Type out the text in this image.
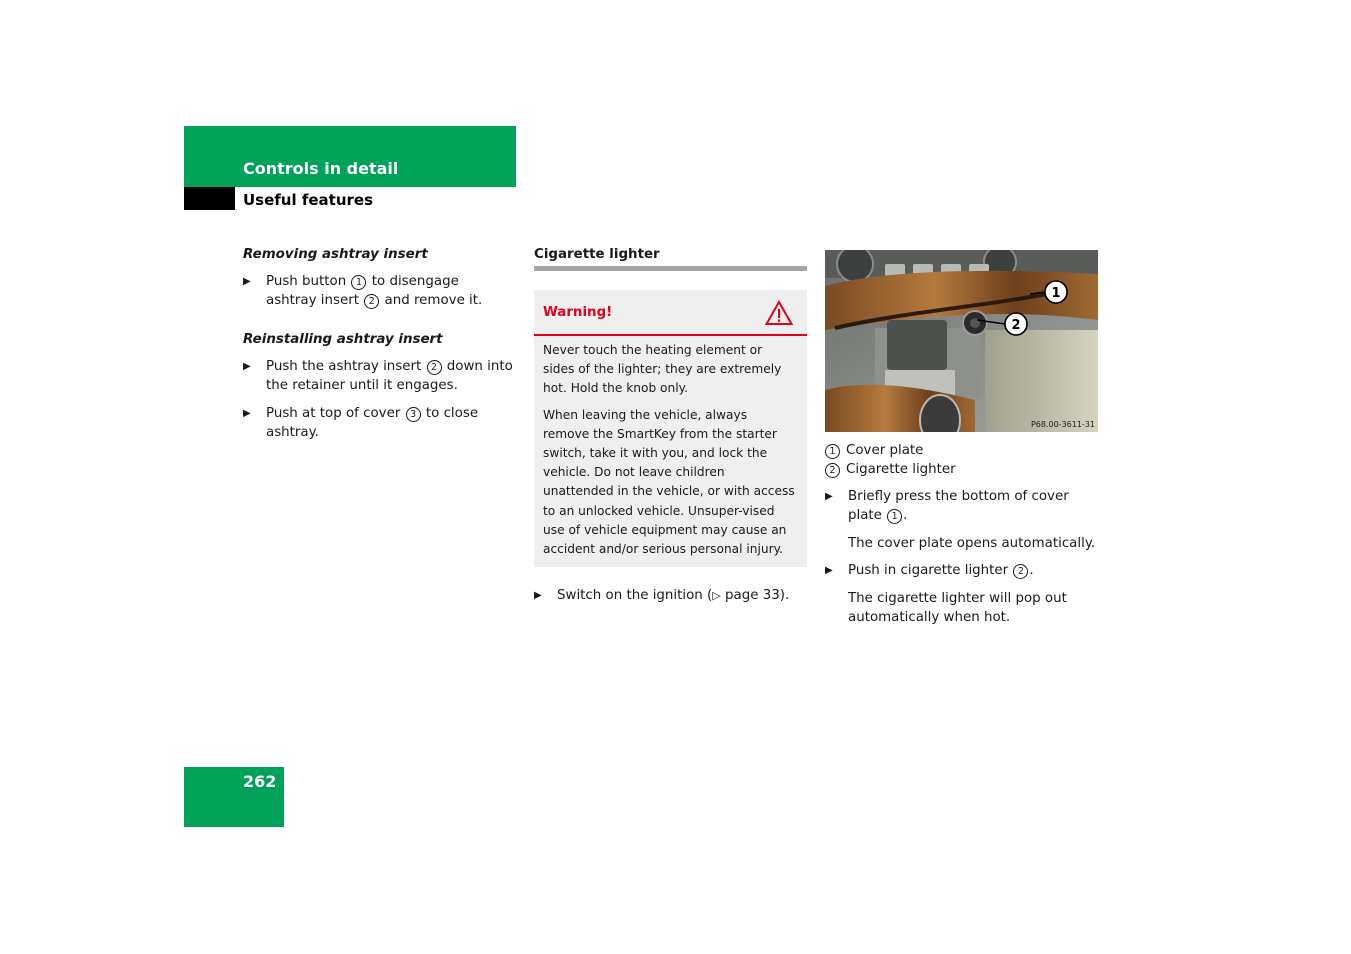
Controls in detail
Useful features

Removing ashtray insert

▶ Push button 1 to disengage ashtray insert 2 and remove it.

Reinstalling ashtray insert

▶ Push the ashtray insert 2 down into the retainer until it engages.
▶ Push at top of cover 3 to close ashtray.

Cigarette lighter

Warning!

Never touch the heating element or sides of the lighter; they are extremely hot. Hold the knob only.

When leaving the vehicle, always remove the SmartKey from the starter switch, take it with you, and lock the vehicle. Do not leave children unattended in the vehicle, or with access to an unlocked vehicle. Unsuper-vised use of vehicle equipment may cause an accident and/or serious personal injury.

▶ Switch on the ignition (▷ page 33).
1
2
P68.00-3611-31

1 Cover plate

2 Cigarette lighter

▶ Briefly press the bottom of cover plate 1 .

The cover plate opens automatically.

▶ Push in cigarette lighter 2 .

The cigarette lighter will pop out automatically when hot.

262
